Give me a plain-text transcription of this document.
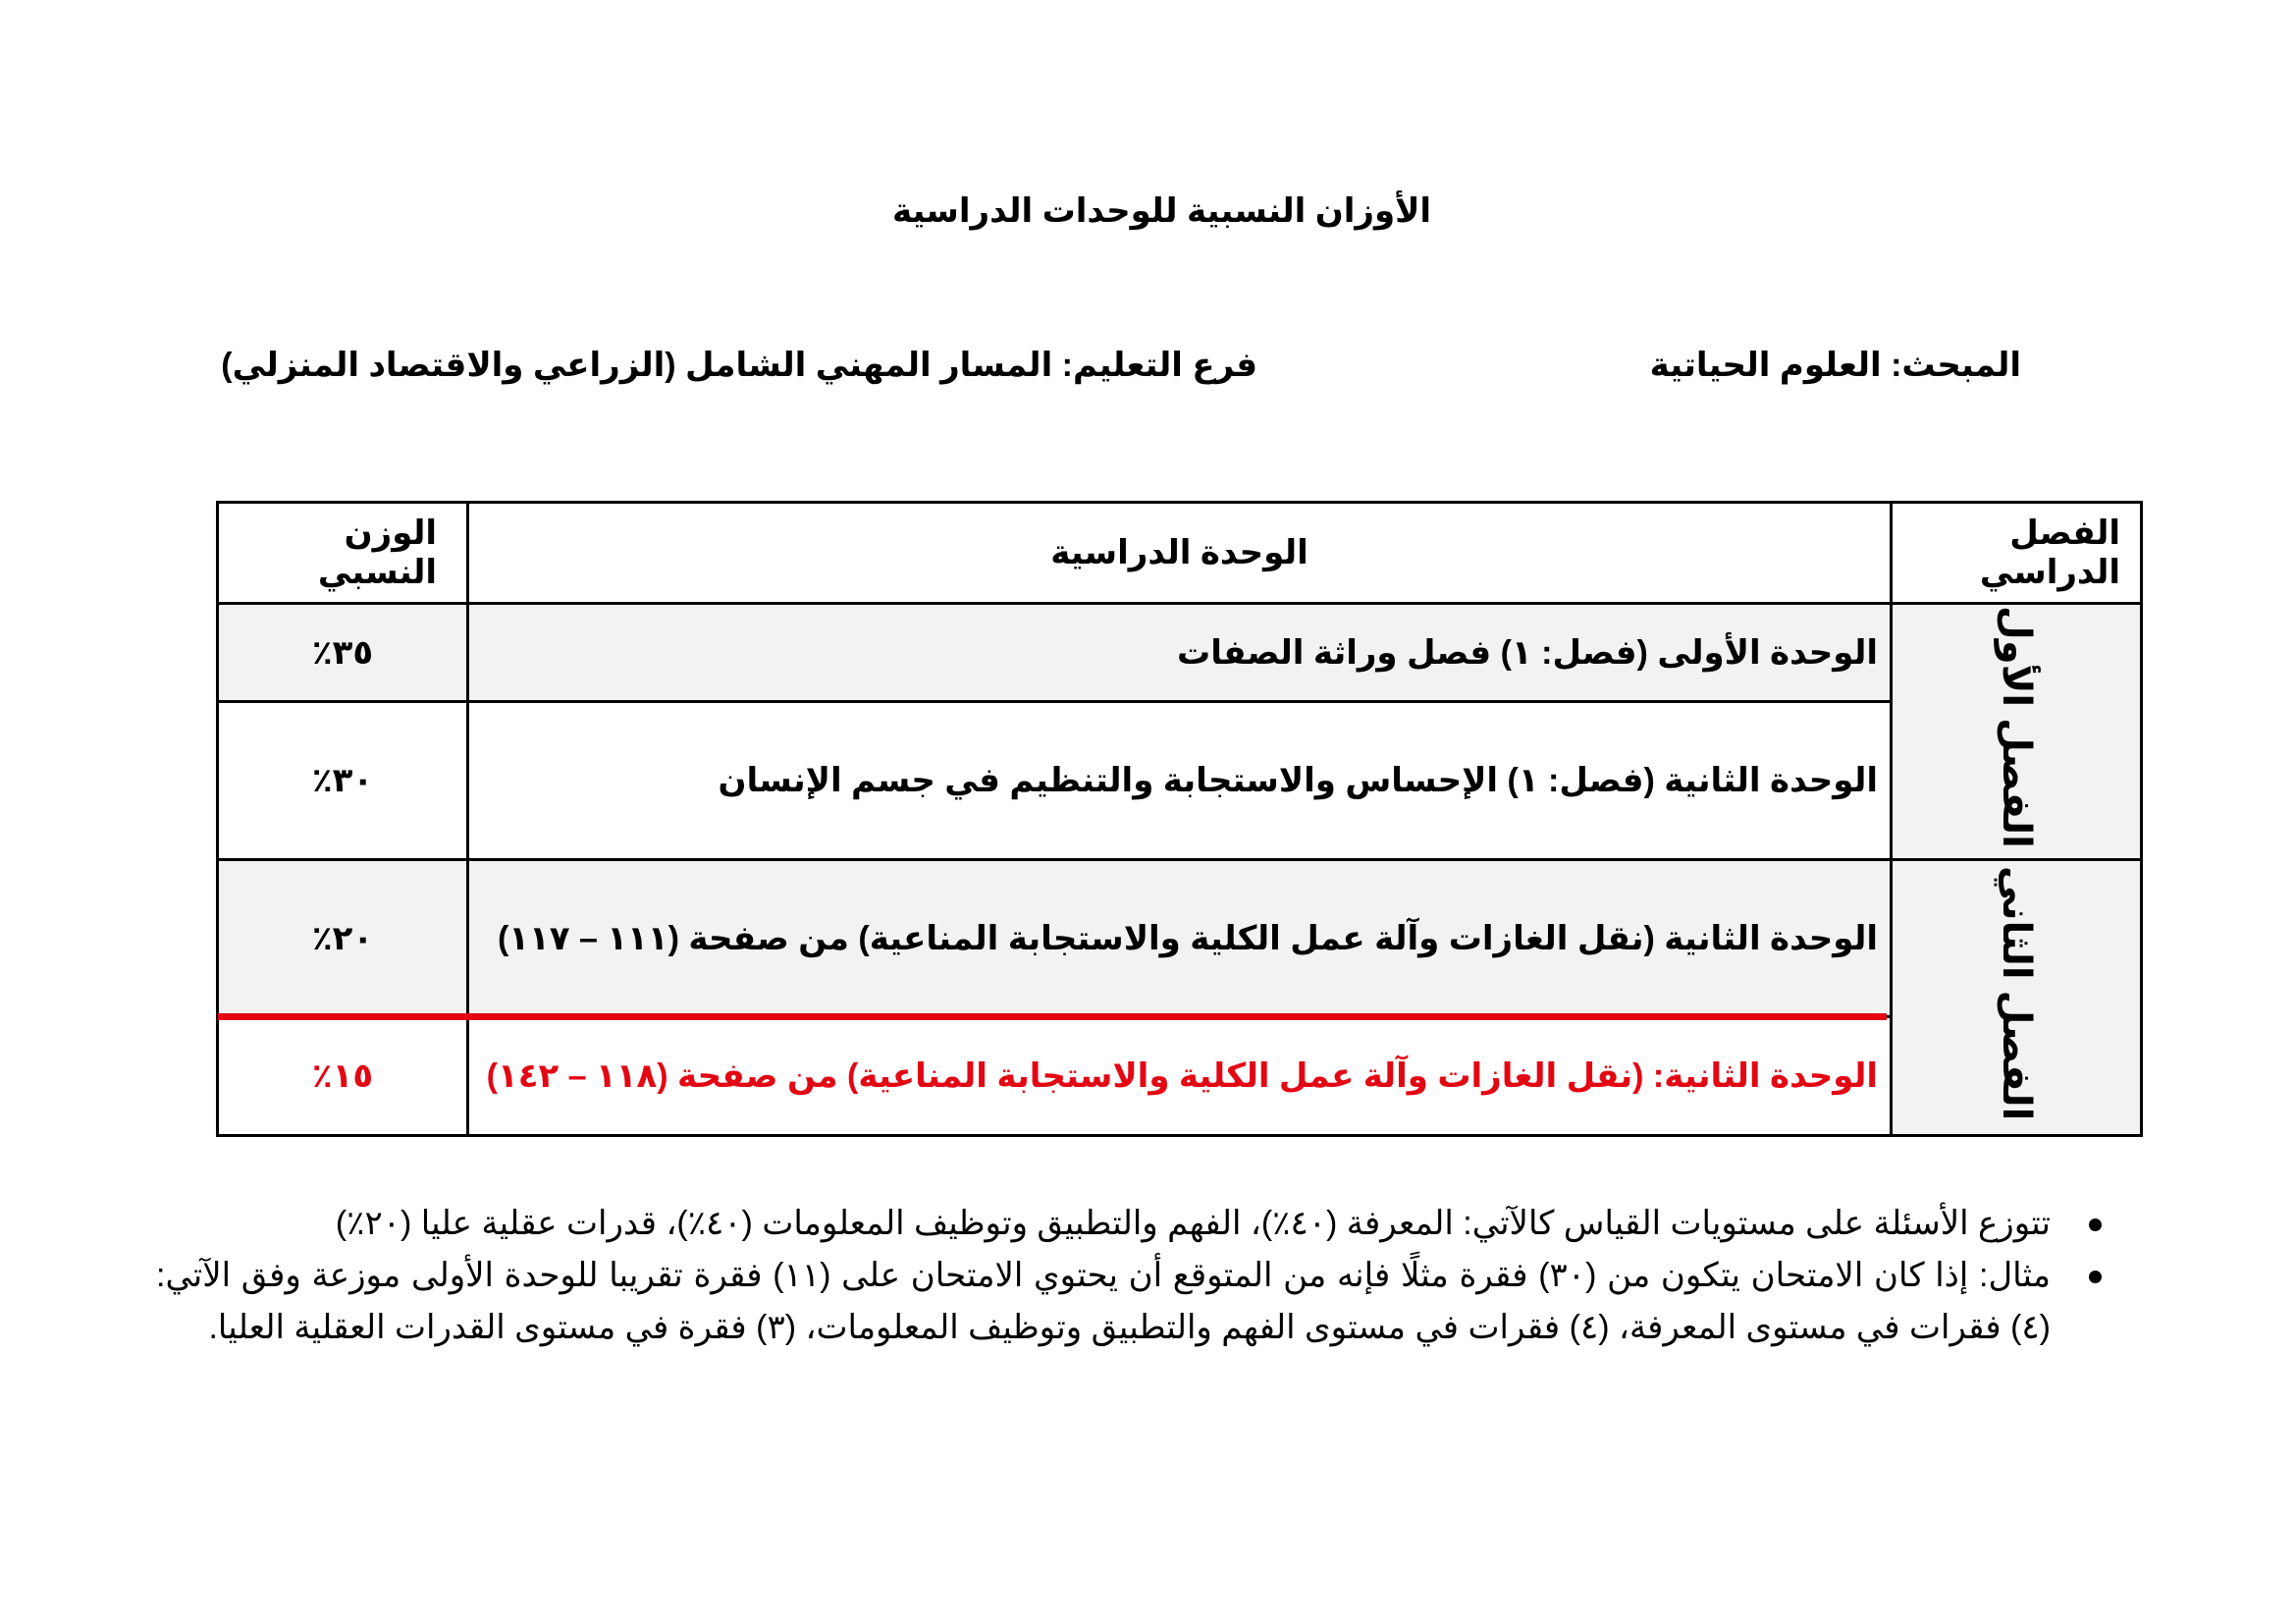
الأوزان النسبية للوحدات الدراسية
المبحث: العلوم الحياتية
فرع التعليم: المسار المهني الشامل (الزراعي والاقتصاد المنزلي)
الفصل الدراسي	الوحدة الدراسية	الوزن النسبي
الفصل الأول	الوحدة الأولى (فصل: ١) فصل وراثة الصفات	٣٥٪
	الوحدة الثانية (فصل: ١) الإحساس والاستجابة والتنظيم في جسم الإنسان	٣٠٪
الفصل الثاني	الوحدة الثانية (نقل الغازات وآلة عمل الكلية والاستجابة المناعية) من صفحة (١١١ – ١١٧)	٢٠٪
	الوحدة الثانية: (نقل الغازات وآلة عمل الكلية والاستجابة المناعية) من صفحة (١١٨ – ١٤٢)	١٥٪
تتوزع الأسئلة على مستويات القياس كالآتي: المعرفة (٤٠٪)، الفهم والتطبيق وتوظيف المعلومات (٤٠٪)، قدرات عقلية عليا (٢٠٪)
مثال: إذا كان الامتحان يتكون من (٣٠) فقرة مثلًا فإنه من المتوقع أن يحتوي الامتحان على (١١) فقرة تقريبا للوحدة الأولى موزعة وفق الآتي: (٤) فقرات في مستوى المعرفة، (٤) فقرات في مستوى الفهم والتطبيق وتوظيف المعلومات، (٣) فقرة في مستوى القدرات العقلية العليا.
